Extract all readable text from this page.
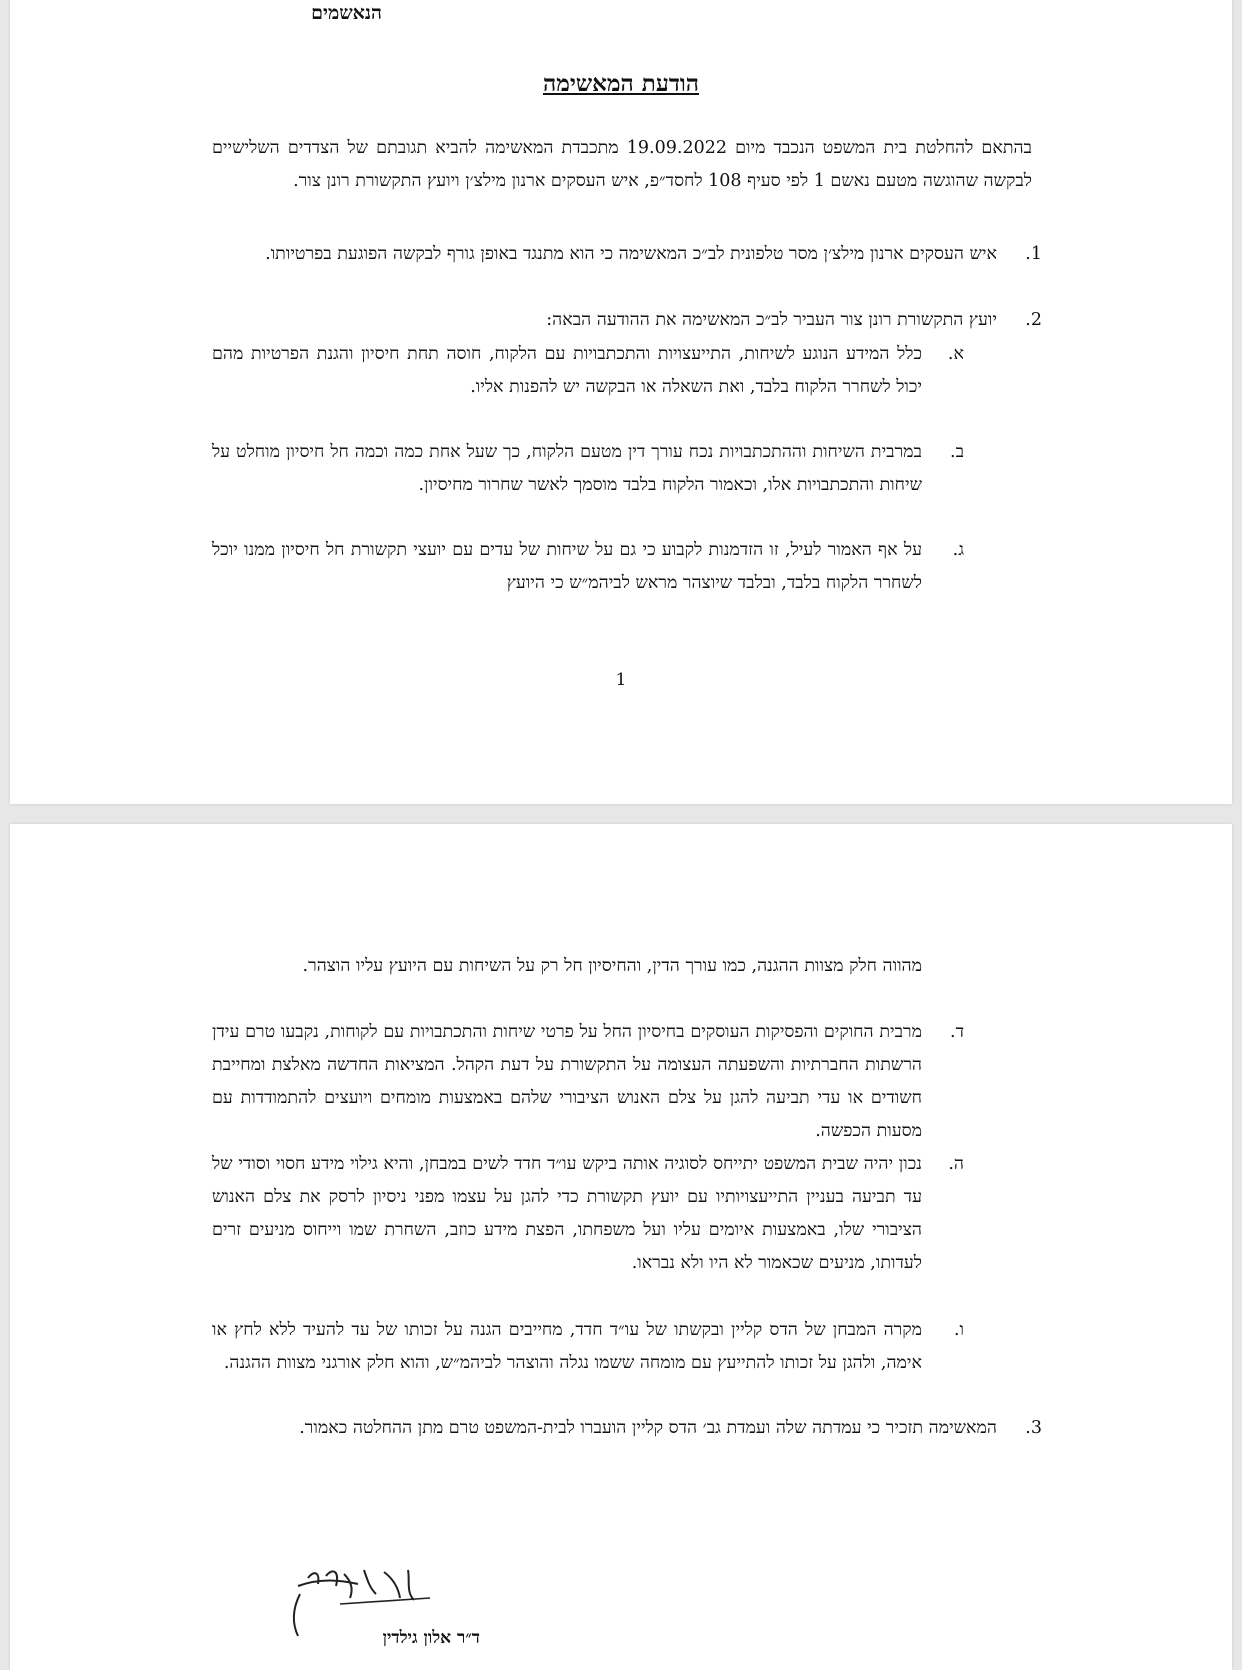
הנאשמים
הודעת המאשימה

בהתאם להחלטת בית המשפט הנכבד מיום 19.09.2022 מתכבדת המאשימה להביא תגובתם של הצדדים השלישיים לבקשה שהוגשה מטעם נאשם 1 לפי סעיף 108 לחסד״פ, איש העסקים ארנון מילצ׳ן ויועץ התקשורת רונן צור.

1.

איש העסקים ארנון מילצ׳ן מסר טלפונית לב״כ המאשימה כי הוא מתנגד באופן גורף לבקשה הפוגעת בפרטיותו.

2.

יועץ התקשורת רונן צור העביר לב״כ המאשימה את ההודעה הבאה:

א.

כלל המידע הנוגע לשיחות, התייעצויות והתכתבויות עם הלקוח, חוסה תחת חיסיון והגנת הפרטיות מהם יכול לשחרר הלקוח בלבד, ואת השאלה או הבקשה יש להפנות אליו.

ב.

במרבית השיחות וההתכתבויות נכח עורך דין מטעם הלקוח, כך שעל אחת כמה וכמה חל חיסיון מוחלט על שיחות והתכתבויות אלו, וכאמור הלקוח בלבד מוסמך לאשר שחרור מחיסיון.

ג.

על אף האמור לעיל, זו הזדמנות לקבוע כי גם על שיחות של עדים עם יועצי תקשורת חל חיסיון ממנו יוכל לשחרר הלקוח בלבד, ובלבד שיוצהר מראש לביהמ״ש כי היועץ

1

מהווה חלק מצוות ההגנה, כמו עורך הדין, והחיסיון חל רק על השיחות עם היועץ עליו הוצהר.

ד.

מרבית החוקים והפסיקות העוסקים בחיסיון החל על פרטי שיחות והתכתבויות עם לקוחות, נקבעו טרם עידן הרשתות החברתיות והשפעתה העצומה על התקשורת על דעת הקהל. המציאות החדשה מאלצת ומחייבת חשודים או עדי תביעה להגן על צלם האנוש הציבורי שלהם באמצעות מומחים ויועצים להתמודדות עם מסעות הכפשה.

ה.

נכון יהיה שבית המשפט יתייחס לסוגיה אותה ביקש עו״ד חדד לשים במבחן, והיא גילוי מידע חסוי וסודי של עד תביעה בעניין התייעצויותיו עם יועץ תקשורת כדי להגן על עצמו מפני ניסיון לרסק את צלם האנוש הציבורי שלו, באמצעות איומים עליו ועל משפחתו, הפצת מידע כוזב, השחרת שמו וייחוס מניעים זרים לעדותו, מניעים שכאמור לא היו ולא נבראו.

ו.

מקרה המבחן של הדס קליין ובקשתו של עו״ד חדד, מחייבים הגנה על זכותו של עד להעיד ללא לחץ או אימה, ולהגן על זכותו להתייעץ עם מומחה ששמו נגלה והוצהר לביהמ״ש, והוא חלק אורגני מצוות ההגנה.

3.

המאשימה תזכיר כי עמדתה שלה ועמדת גב׳ הדס קליין הועברו לבית-המשפט טרם מתן ההחלטה כאמור.

ד״ר אלון גילדין
